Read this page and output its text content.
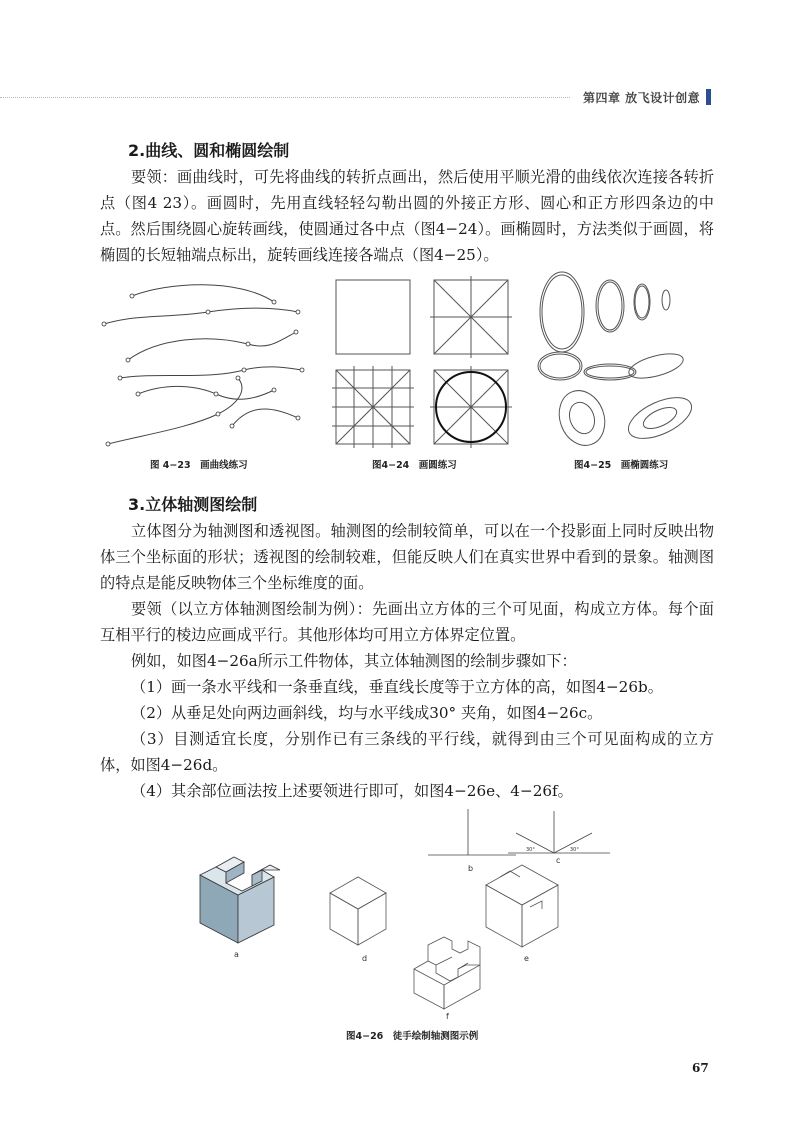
第四章 放飞设计创意
2.曲线、圆和椭圆绘制
要领：画曲线时，可先将曲线的转折点画出，然后使用平顺光滑的曲线依次连接各转折点（图4 23）。画圆时，先用直线轻轻勾勒出圆的外接正方形、圆心和正方形四条边的中点。然后围绕圆心旋转画线，使圆通过各中点（图4−24）。画椭圆时，方法类似于画圆，将椭圆的长短轴端点标出，旋转画线连接各端点（图4−25）。
图 4−23　画曲线练习	图4−24　画圆练习	图4−25　画椭圆练习
3.立体轴测图绘制
立体图分为轴测图和透视图。轴测图的绘制较简单，可以在一个投影面上同时反映出物体三个坐标面的形状；透视图的绘制较难，但能反映人们在真实世界中看到的景象。轴测图的特点是能反映物体三个坐标维度的面。
要领（以立方体轴测图绘制为例）：先画出立方体的三个可见面，构成立方体。每个面互相平行的棱边应画成平行。其他形体均可用立方体界定位置。
例如，如图4−26a所示工件物体，其立体轴测图的绘制步骤如下：
（1）画一条水平线和一条垂直线，垂直线长度等于立方体的高，如图4−26b。
（2）从垂足处向两边画斜线，均与水平线成30° 夹角，如图4−26c。
（3）目测适宜长度，分别作已有三条线的平行线，就得到由三个可见面构成的立方体，如图4−26d。
（4）其余部位画法按上述要领进行即可，如图4−26e、4−26f。
a
b
30°	30°
c
d	e
f
图4−26　徒手绘制轴测图示例
67
